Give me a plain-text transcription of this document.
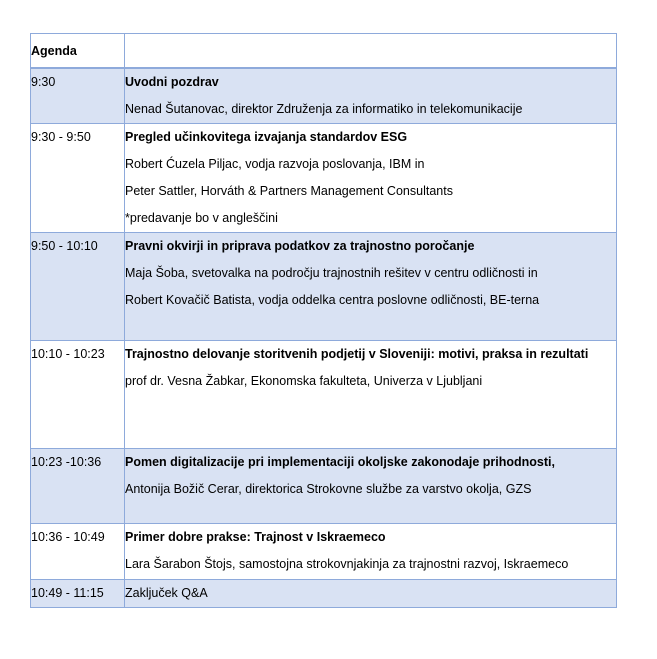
Agenda	
9:30	Uvodni pozdrav
Nenad Šutanovac, direktor Združenja za informatiko in telekomunikacije

9:30 - 9:50	Pregled učinkovitega izvajanja standardov ESG
Robert Ćuzela Piljac, vodja razvoja poslovanja, IBM in
Peter Sattler, Horváth & Partners Management Consultants
*predavanje bo v angleščini

9:50 - 10:10	Pravni okvirji in priprava podatkov za trajnostno poročanje
Maja Šoba, svetovalka na področju trajnostnih rešitev v centru odličnosti in
Robert Kovačič Batista, vodja oddelka centra poslovne odličnosti, BE-terna

10:10 - 10:23	Trajnostno delovanje storitvenih podjetij v Sloveniji: motivi, praksa in rezultati
prof dr. Vesna Žabkar, Ekonomska fakulteta, Univerza v Ljubljani

10:23 -10:36	Pomen digitalizacije pri implementaciji okoljske zakonodaje prihodnosti,
Antonija Božič Cerar, direktorica Strokovne službe za varstvo okolja, GZS

10:36 - 10:49	Primer dobre prakse: Trajnost v Iskraemeco
Lara Šarabon Štojs, samostojna strokovnjakinja za trajnostni razvoj, Iskraemeco

10:49 - 11:15	Zaključek Q&A
